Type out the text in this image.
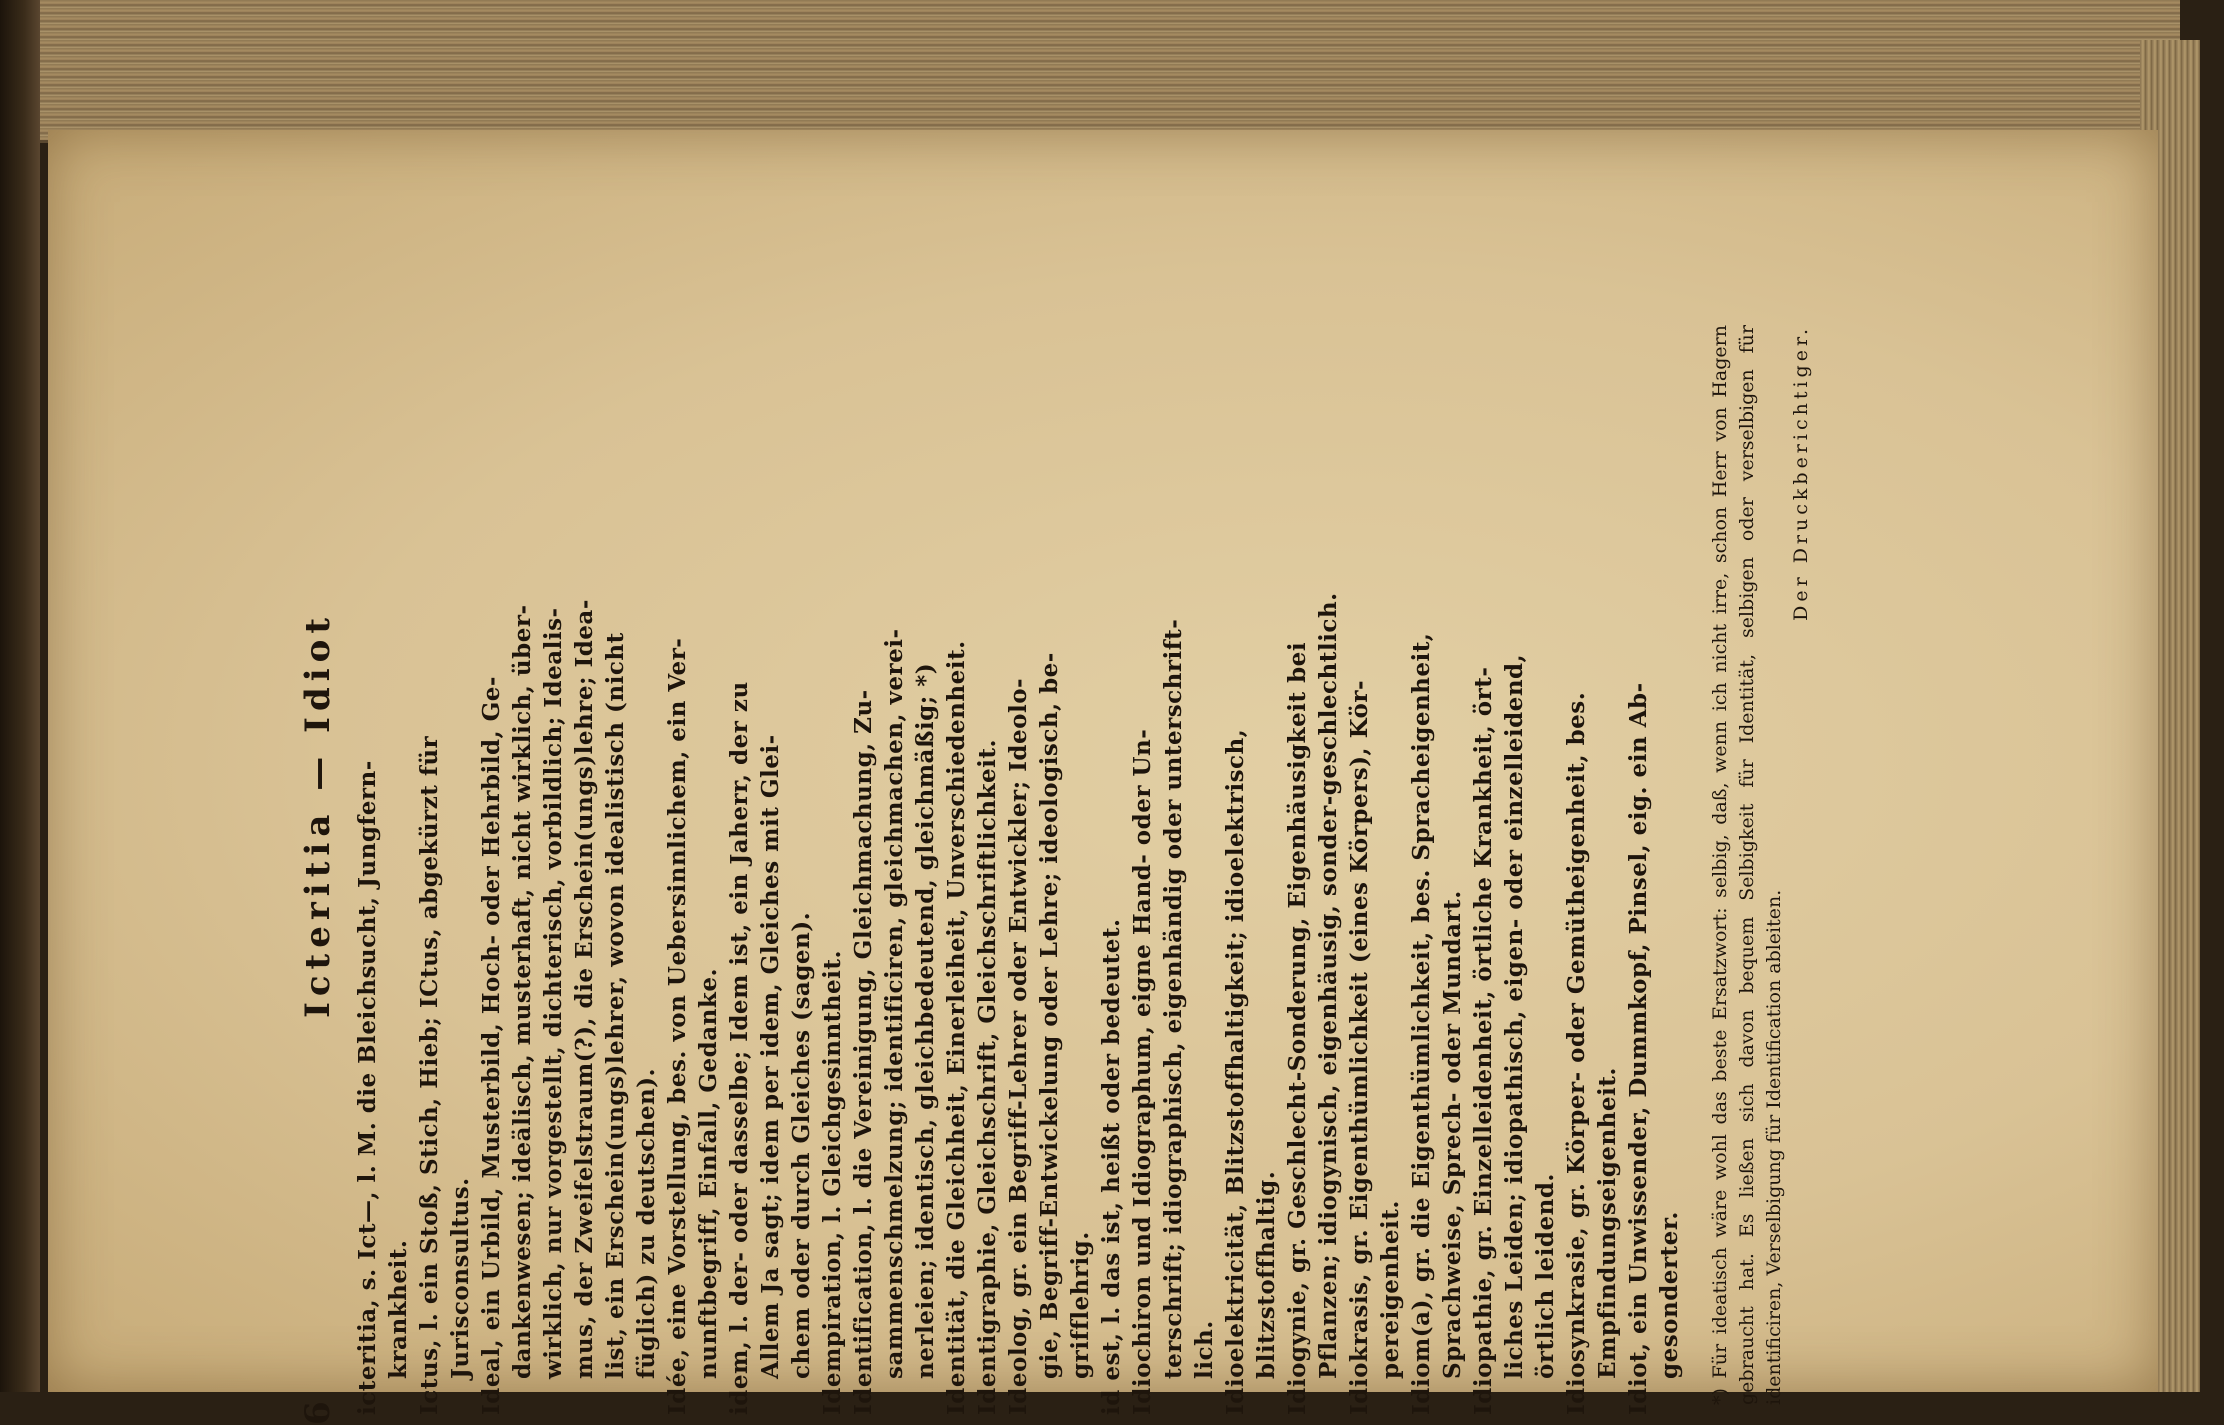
6
Icteritia — Idiot icteritia, s. Ict—, l. M. die Bleichsucht, Jungfern- krankheit. Ictus, l. ein Stoß, Stich, Hieb; ICtus, abgekürzt für Jurisconsultus. Ideal, ein Urbild, Musterbild, Hoch- oder Hehrbild, Ge- dankenwesen; ideälisch, musterhaft, nicht wirklich, über- wirklich, nur vorgestellt, dichterisch, vorbildlich; Idealis- mus, der Zweifelstraum(?), die Erschein(ungs)lehre; Idea- list, ein Erschein(ungs)lehrer, wovon idealistisch (nicht füglich) zu deutschen). Idée, eine Vorstellung, bes. von Uebersinnlichem, ein Ver- nunftbegriff, Einfall, Gedanke. idem, l. der- oder dasselbe; Idem ist, ein Jaherr, der zu Allem Ja sagt; idem per idem, Gleiches mit Glei- chem oder durch Gleiches (sagen). Idempiration, l. Gleichgesinntheit. Identification, l. die Vereinigung, Gleichmachung, Zu- sammenschmelzung; identificiren, gleichmachen, verei- nerleien; identisch, gleichbedeutend, gleichmäßig; *) Identität, die Gleichheit, Einerleiheit, Unverschiedenheit. Identigraphie, Gleichschrift, Gleichschriftlichkeit. Ideolog, gr. ein Begriff-Lehrer oder Entwickler; Ideolo- gie, Begriff-Entwickelung oder Lehre; ideologisch, be- grifflehrig. id est, l. das ist, heißt oder bedeutet. Idiochiron und Idiographum, eigne Hand- oder Un- terschrift; idiographisch, eigenhändig oder unterschrift- lich. Idioelektricität, Blitzstoffhaltigkeit; idioelektrisch, blitzstoffhaltig. Idiogynie, gr. Geschlecht-Sonderung, Eigenhäusigkeit bei Pflanzen; idiogynisch, eigenhäusig, sonder-geschlechtlich. Idiokrasis, gr. Eigenthümlichkeit (eines Körpers), Kör- pereigenheit. Idiom(a), gr. die Eigenthümlichkeit, bes. Spracheigenheit, Sprachweise, Sprech- oder Mundart. Idiopathie, gr. Einzelleidenheit, örtliche Krankheit, ört- liches Leiden; idiopathisch, eigen- oder einzelleidend, örtlich leidend. Idiosynkrasie, gr. Körper- oder Gemütheigenheit, bes. Empfindungseigenheit. Idiot, ein Unwissender, Dummkopf, Pinsel, eig. ein Ab- gesonderter. *) Für ideatisch wäre wohl das beste Ersatzwort: selbig, daß, wenn ich nicht irre, schon Herr von Hagern gebraucht hat. Es ließen sich davon bequem Selbigkeit für Identität, selbigen oder verselbigen für identificiren, Verselbigung für Identification ableiten.
Der Druckberichtiger.
